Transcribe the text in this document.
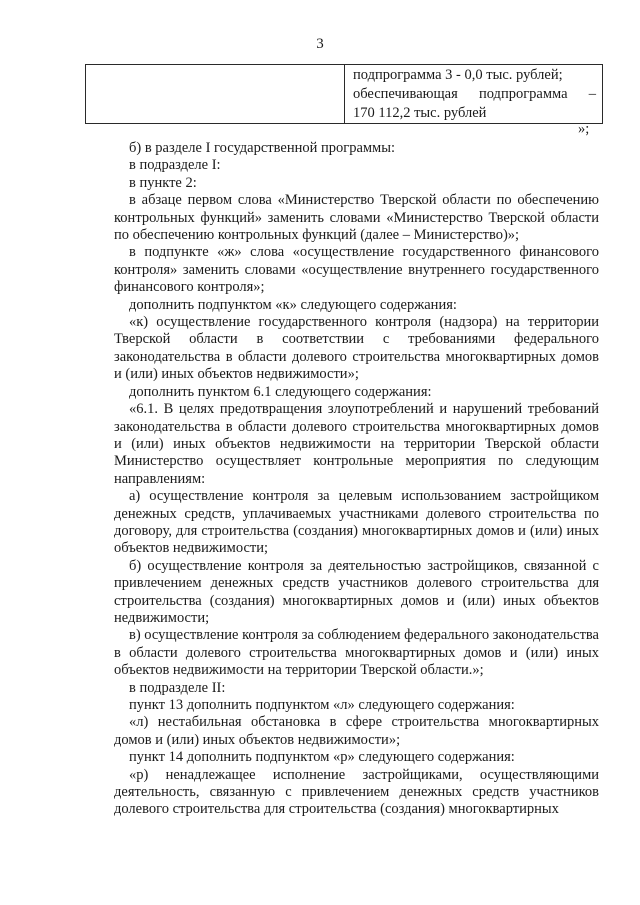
3

подпрограмма 3 - 0,0 тыс. рублей;
обеспечивающая подпрограмма –
170 112,2 тыс. рублей
»;

б) в разделе I государственной программы:

в подразделе I:

в пункте 2:

в абзаце первом слова «Министерство Тверской области по обеспечению контрольных функций» заменить словами «Министерство Тверской области по обеспечению контрольных функций (далее – Министерство)»;

в подпункте «ж» слова «осуществление государственного финансового контроля» заменить словами «осуществление внутреннего государственного финансового контроля»;

дополнить подпунктом «к» следующего содержания:

«к) осуществление государственного контроля (надзора) на территории Тверской области в соответствии с требованиями федерального законодательства в области долевого строительства многоквартирных домов и (или) иных объектов недвижимости»;

дополнить пунктом 6.1 следующего содержания:

«6.1. В целях предотвращения злоупотреблений и нарушений требований законодательства в области долевого строительства многоквартирных домов и (или) иных объектов недвижимости на территории Тверской области Министерство осуществляет контрольные мероприятия по следующим направлениям:

а) осуществление контроля за целевым использованием застройщиком денежных средств, уплачиваемых участниками долевого строительства по договору, для строительства (создания) многоквартирных домов и (или) иных объектов недвижимости;

б) осуществление контроля за деятельностью застройщиков, связанной с привлечением денежных средств участников долевого строительства для строительства (создания) многоквартирных домов и (или) иных объектов недвижимости;

в) осуществление контроля за соблюдением федерального законодательства в области долевого строительства многоквартирных домов и (или) иных объектов недвижимости на территории Тверской области.»;

в подразделе II:

пункт 13 дополнить подпунктом «л» следующего содержания:

«л) нестабильная обстановка в сфере строительства многоквартирных домов и (или) иных объектов недвижимости»;

пункт 14 дополнить подпунктом «р» следующего содержания:

«р) ненадлежащее исполнение застройщиками, осуществляющими деятельность, связанную с привлечением денежных средств участников долевого строительства для строительства (создания) многоквартирных
